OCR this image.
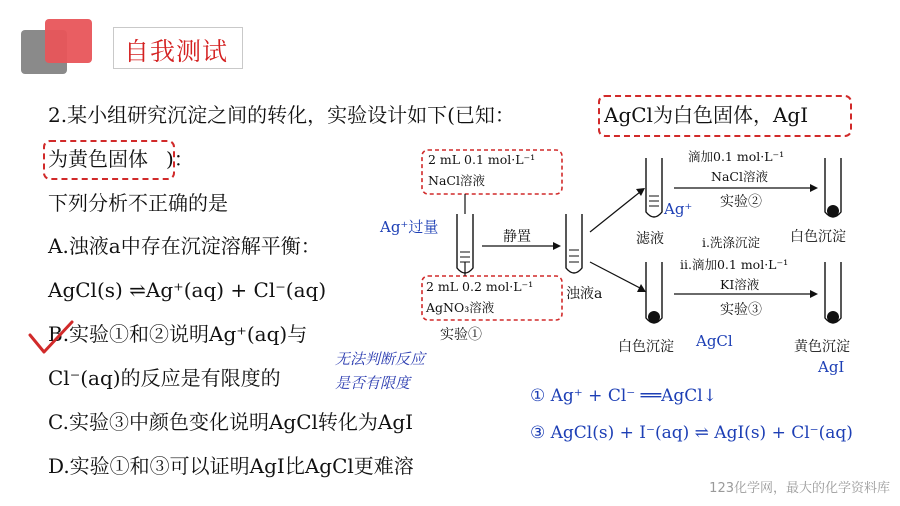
自我测试
2.某小组研究沉淀之间的转化，实验设计如下(已知：	AgCl为白色固体，AgI
为黄色固体 )：
下列分析不正确的是
A.浊液a中存在沉淀溶解平衡：
AgCl(s) ⇌Ag⁺(aq) + Cl⁻(aq)
B.实验①和②说明Ag⁺(aq)与
Cl⁻(aq)的反应是有限度的
C.实验③中颜色变化说明AgCl转化为AgI
D.实验①和③可以证明AgI比AgCl更难溶
无法判断反应
是否有限度
2 mL 0.1 mol·L⁻¹
NaCl溶液
Ag⁺过量
2 mL 0.2 mol·L⁻¹
AgNO₃溶液
实验①
静置
浊液a
滴加0.1 mol·L⁻¹
NaCl溶液
实验②
Ag⁺
滤液	白色沉淀
i.洗涤沉淀
ii.滴加0.1 mol·L⁻¹
KI溶液
实验③
白色沉淀 AgCl	黄色沉淀
AgI
① Ag⁺ + Cl⁻ ══AgCl↓
③ AgCl(s) + I⁻(aq) ⇌ AgI(s) + Cl⁻(aq)
123化学网，最大的化学资料库
